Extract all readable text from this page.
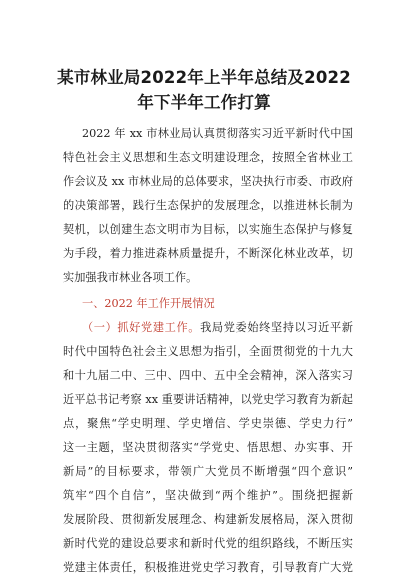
某市林业局2022年上半年总结及2022
年下半年工作打算
2022 年 xx 市林业局认真贯彻落实习近平新时代中国
特色社会主义思想和生态文明建设理念，按照全省林业工
作会议及 xx 市林业局的总体要求，坚决执行市委、市政府
的决策部署，践行生态保护的发展理念，以推进林长制为
契机，以创建生态文明市为目标，以实施生态保护与修复
为手段，着力推进森林质量提升，不断深化林业改革，切
实加强我市林业各项工作。
一、2022 年工作开展情况
（一）抓好党建工作。我局党委始终坚持以习近平新
时代中国特色社会主义思想为指引，全面贯彻党的十九大
和十九届二中、三中、四中、五中全会精神，深入落实习
近平总书记考察 xx 重要讲话精神，以党史学习教育为新起
点，聚焦“学史明理、学史增信、学史崇德、学史力行”
这一主题，坚决贯彻落实“学党史、悟思想、办实事、开
新局”的目标要求，带领广大党员不断增强“四个意识”
筑牢“四个自信”，坚决做到“两个维护”。围绕把握新
发展阶段、贯彻新发展理念、构建新发展格局，深入贯彻
新时代党的建设总要求和新时代党的组织路线，不断压实
党建主体责任，积极推进党史学习教育，引导教育广大党
